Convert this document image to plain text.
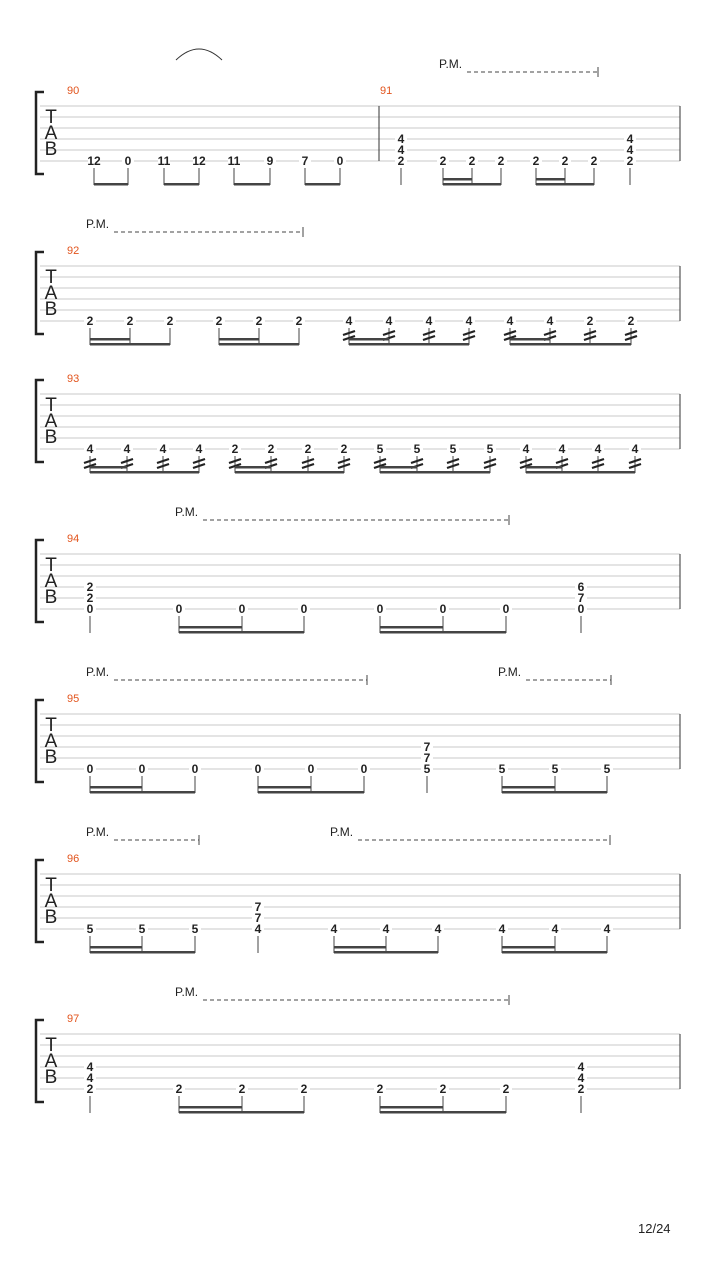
T
A
B
P.M.
90
12 0 11 12 11 9 7 0
91
2
4
4
2 2 2 2 2 2 2
4
4
T
A
B
P.M.
92
2	2	2	2	2	2	4	4	4	4	4	4	2	2
T
A
B
93
4	4 4 4 2 2	2 2 5	5 5	5 4 4 4	4
T
A
B
P.M.
94
0
2
2
0	0	0	0	0	0	0
7
6
T
A
B
P.M.	P.M.
95
0	0	0	0	0	0	5
7
7
5	5	5
T
A
B
P.M.	P.M.
96
5	5	5	4
7
7
4	4	4	4	4	4
T
A
B
P.M.
97
2
4
4
2	2	2	2	2	2	2
4
4
12/24
